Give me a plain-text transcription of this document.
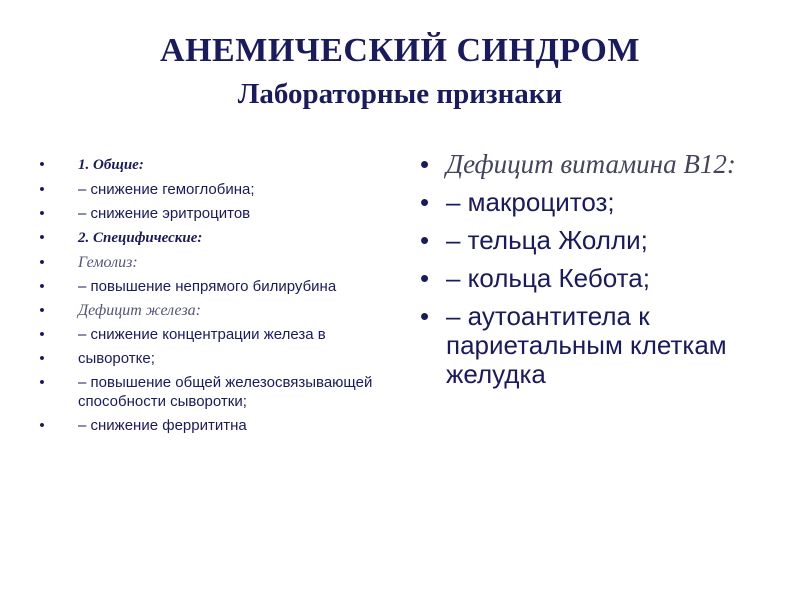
АНЕМИЧЕСКИЙ СИНДРОМ
Лабораторные признаки
•	1. Общие:
•	– снижение гемоглобина;
•	– снижение эритроцитов
•	2. Специфические:
•	Гемолиз:
•	– повышение непрямого билирубина
•	Дефицит железа:
•	– снижение концентрации железа в
•	сыворотке;
•	– повышение общей железосвязывающей способности сыворотки;
•	– снижение феррититна
• Дефицит витамина В12:
• – макроцитоз;
• – тельца Жолли;
• – кольца Кебота;
• – аутоантитела к париетальным клеткам желудка
